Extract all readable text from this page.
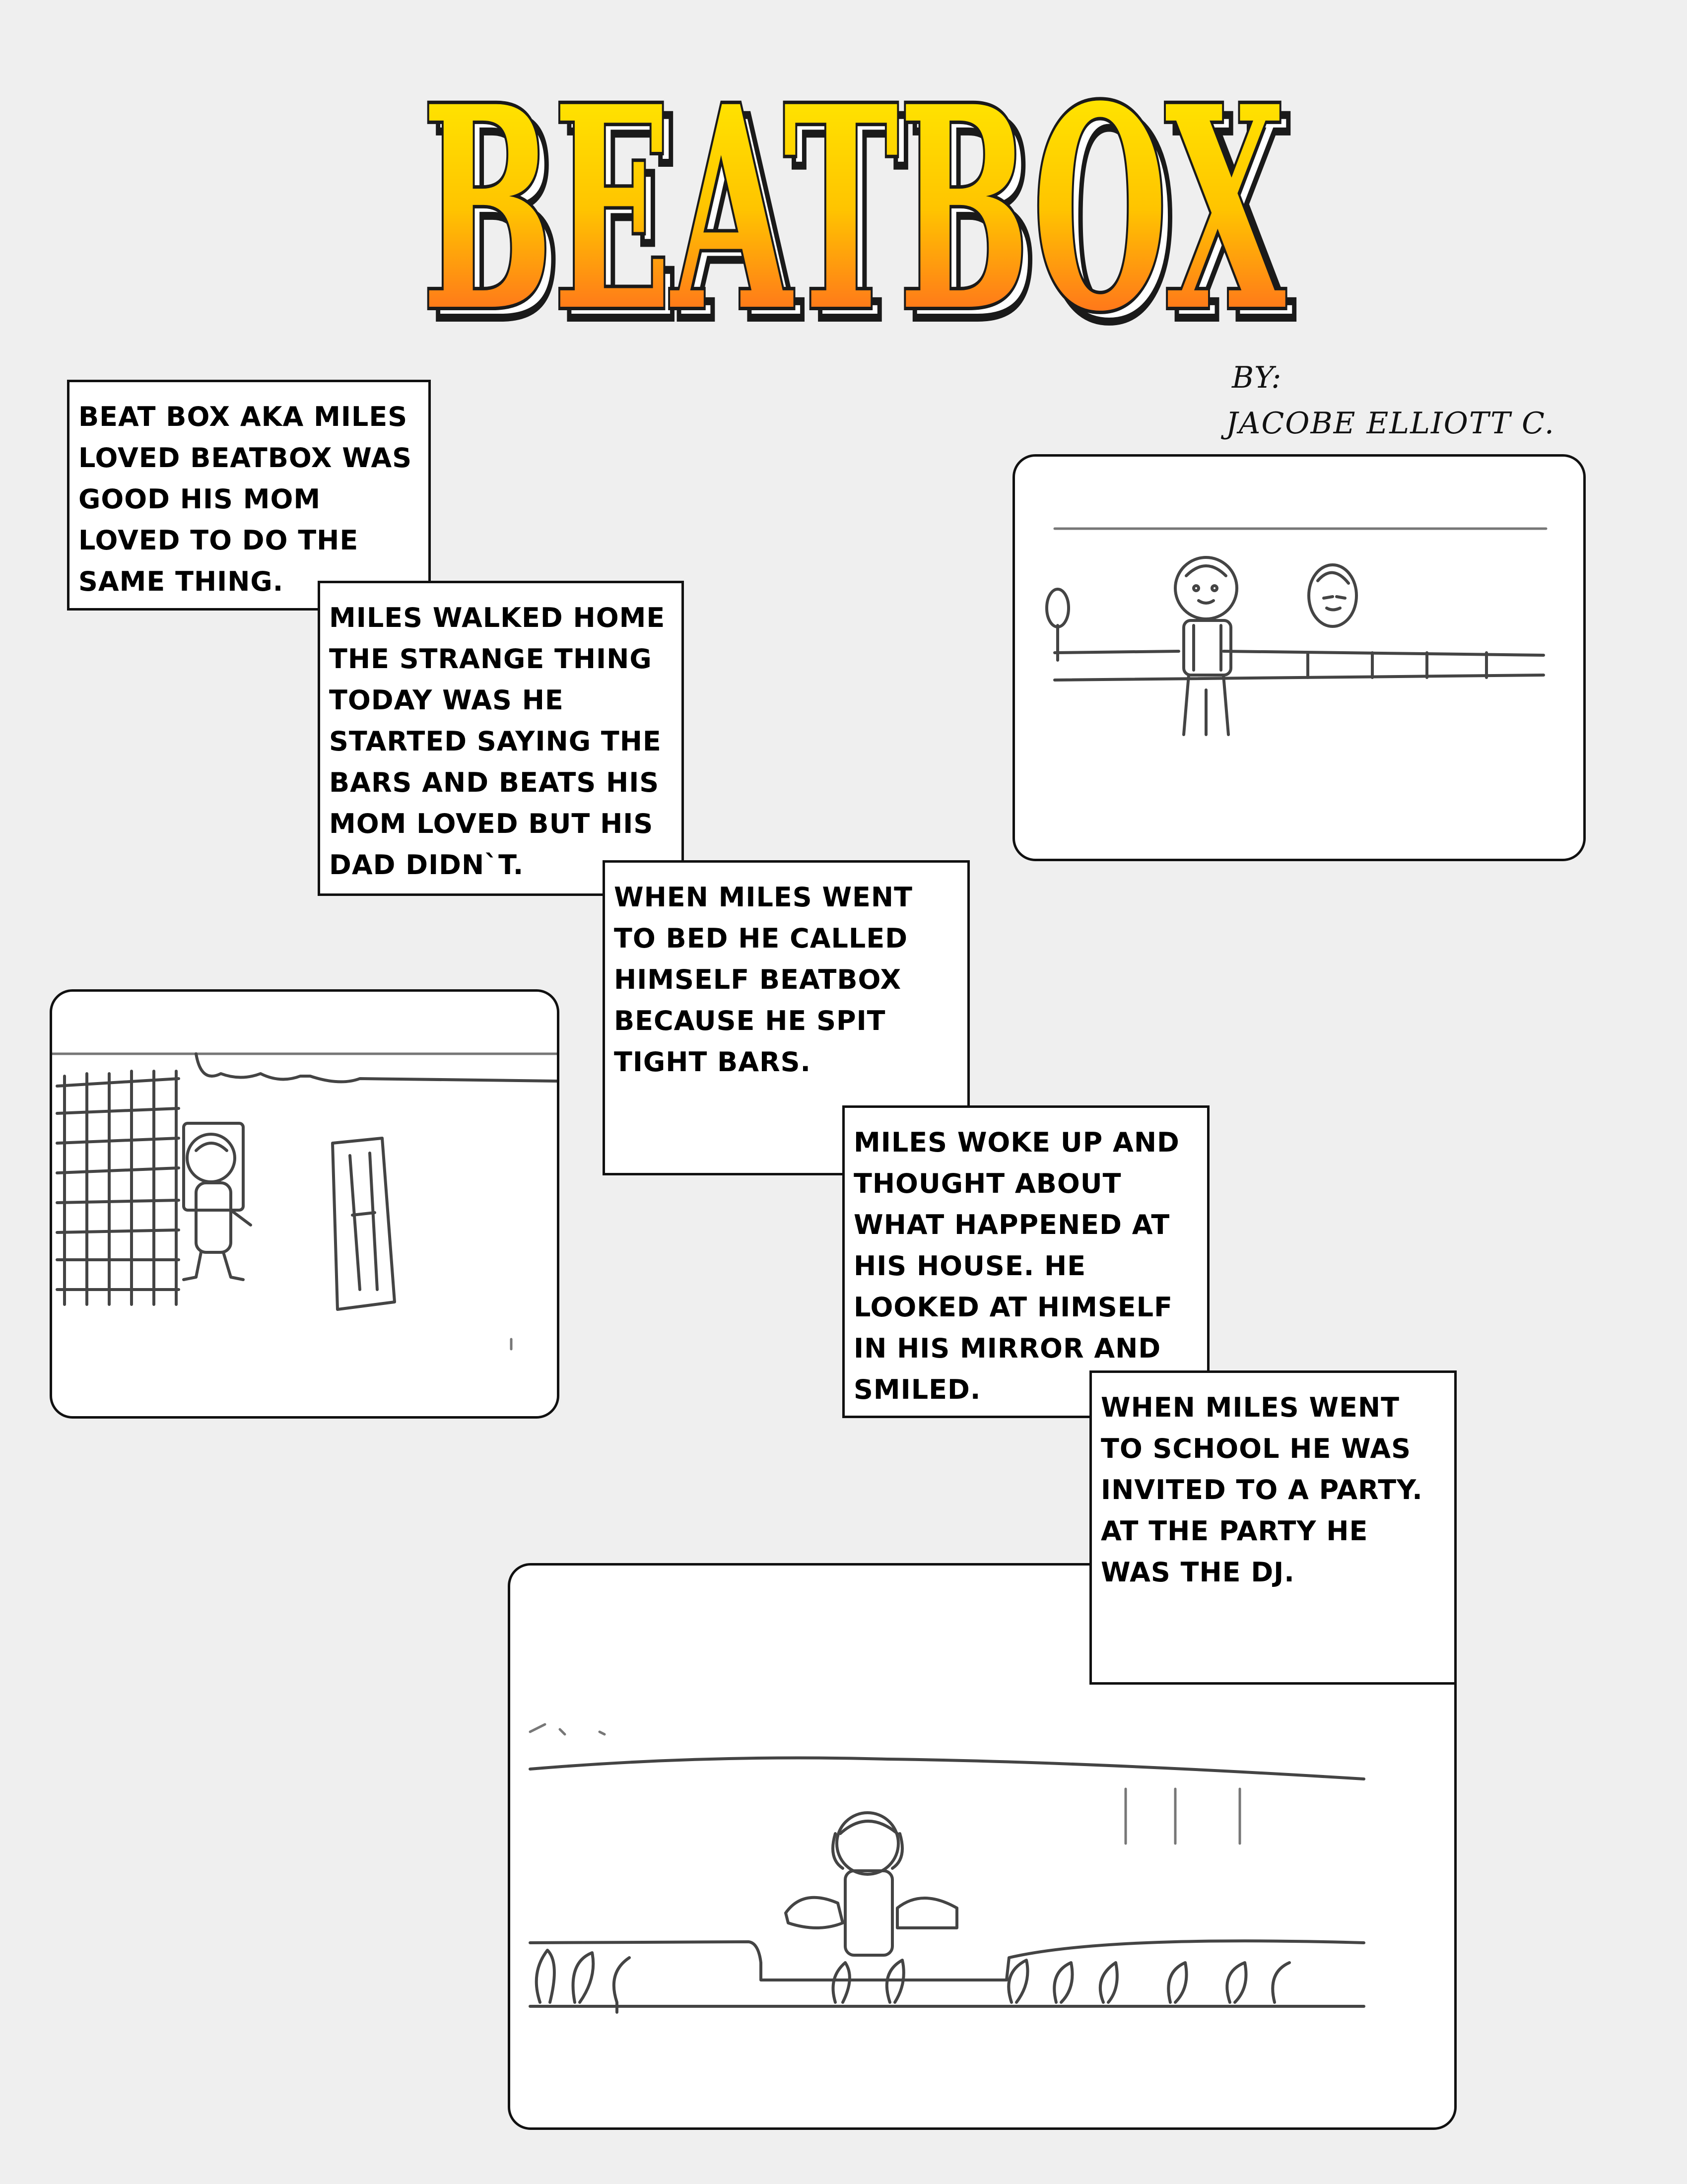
BEATBOX
BEATBOX
BY:
JACOBE ELLIOTT C.
BEAT BOX AKA MILES LOVED BEATBOX WAS GOOD HIS MOM LOVED TO DO THE SAME THING.
MILES WALKED HOME THE STRANGE THING TODAY WAS HE STARTED SAYING THE BARS AND BEATS HIS MOM LOVED BUT HIS DAD DIDN`T.
WHEN MILES WENT TO BED HE CALLED HIMSELF BEATBOX BECAUSE HE SPIT TIGHT BARS.
MILES WOKE UP AND THOUGHT ABOUT WHAT HAPPENED AT HIS HOUSE. HE LOOKED AT HIMSELF IN HIS MIRROR AND SMILED.
WHEN MILES WENT TO SCHOOL HE WAS INVITED TO A PARTY. AT THE PARTY HE WAS THE DJ.
